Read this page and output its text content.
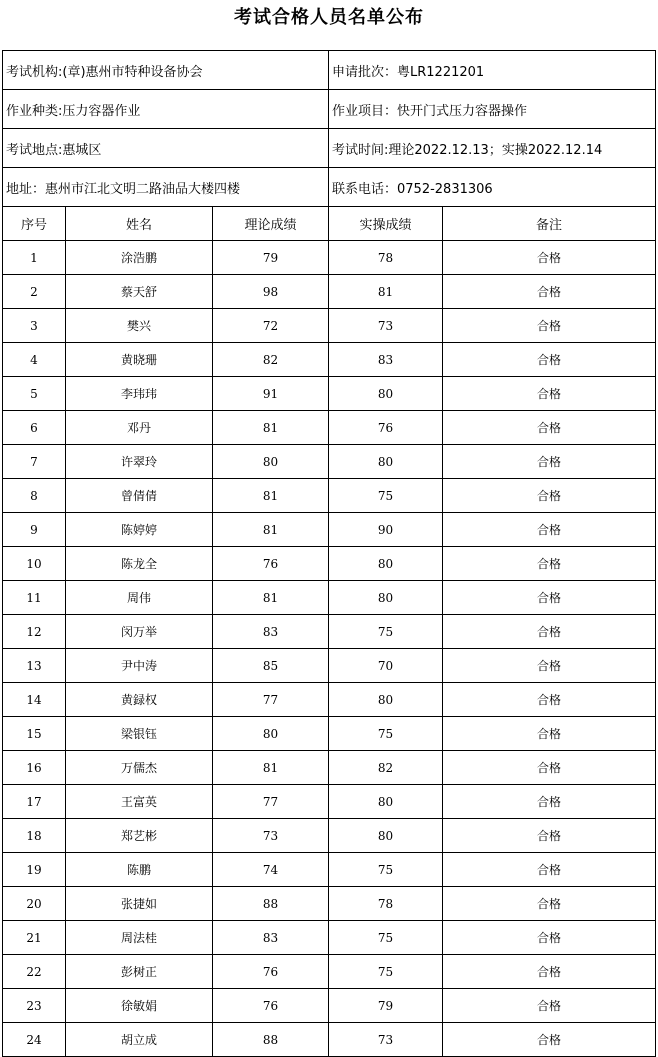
考试合格人员名单公布
考试机构:(章)惠州市特种设备协会			申请批次：粤LR1221201	
作业种类:压力容器作业			作业项目：快开门式压力容器操作	
考试地点:惠城区			考试时间:理论2022.12.13；实操2022.12.14	
地址：惠州市江北文明二路油品大楼四楼			联系电话：0752-2831306	
序号	姓名	理论成绩	实操成绩	备注
1	涂浩鹏	79	78	合格
2	蔡天舒	98	81	合格
3	樊兴	72	73	合格
4	黄晓珊	82	83	合格
5	李玮玮	91	80	合格
6	邓丹	81	76	合格
7	许翠玲	80	80	合格
8	曾倩倩	81	75	合格
9	陈婷婷	81	90	合格
10	陈龙全	76	80	合格
11	周伟	81	80	合格
12	闵万举	83	75	合格
13	尹中涛	85	70	合格
14	黄録权	77	80	合格
15	梁银钰	80	75	合格
16	万儒杰	81	82	合格
17	王富英	77	80	合格
18	郑艺彬	73	80	合格
19	陈鹏	74	75	合格
20	张捷如	88	78	合格
21	周法桂	83	75	合格
22	彭树正	76	75	合格
23	徐敏娟	76	79	合格
24	胡立成	88	73	合格
